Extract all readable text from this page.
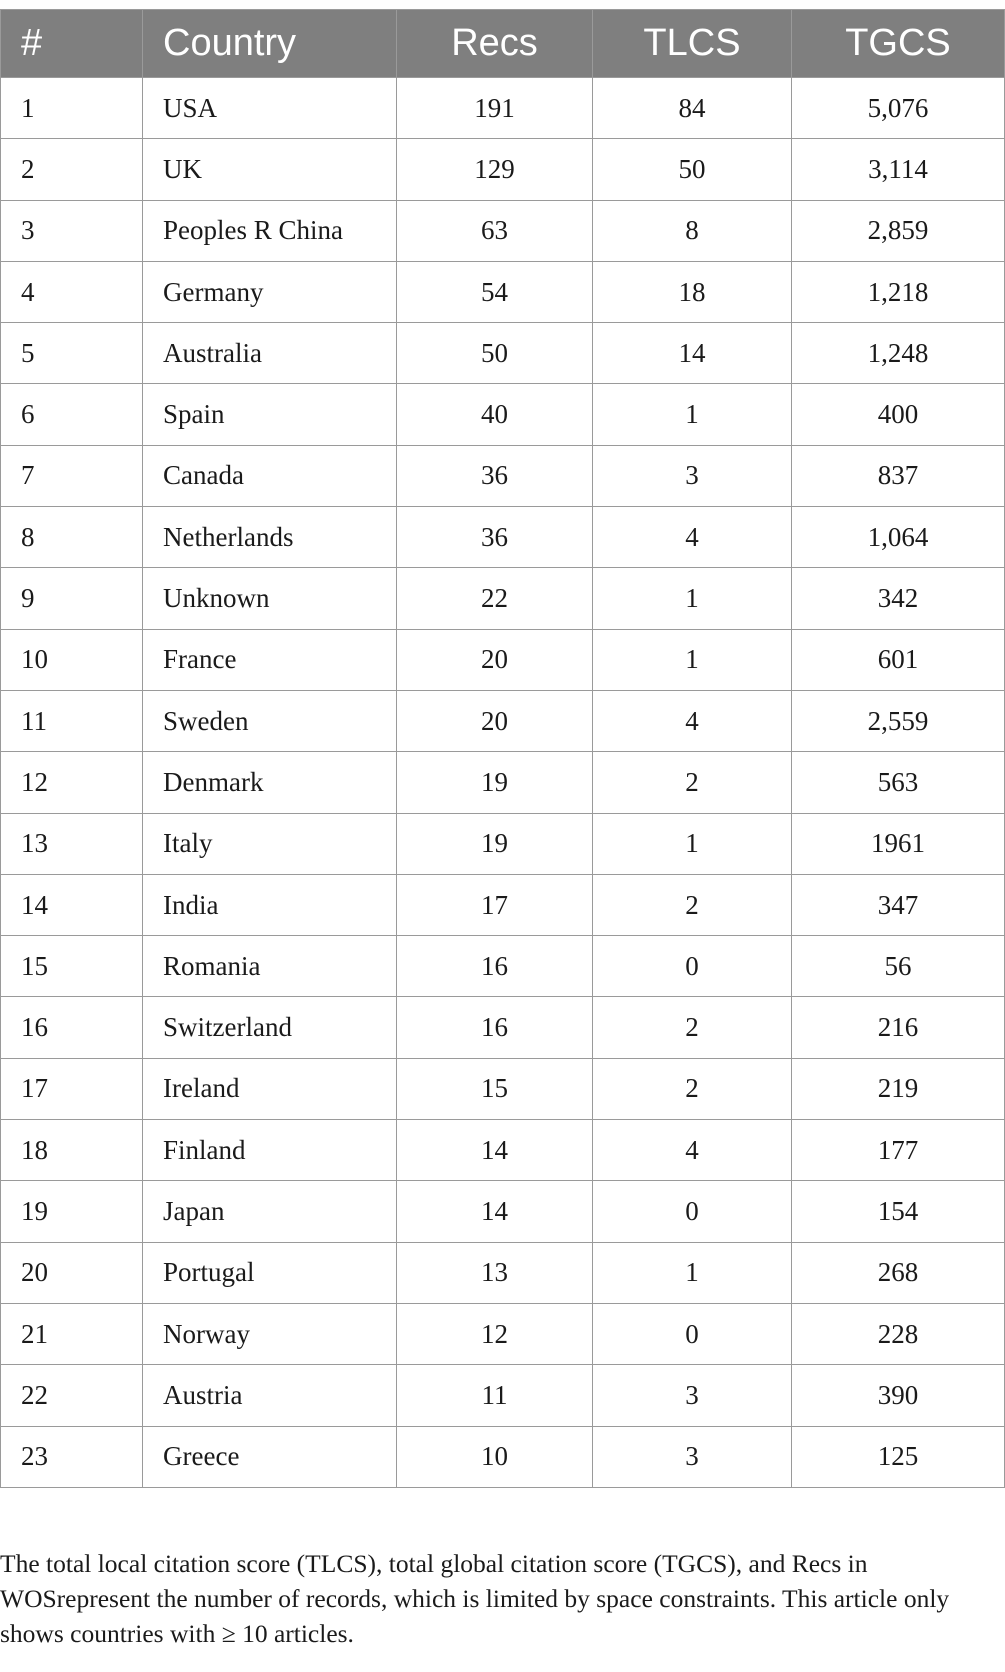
#	Country	Recs	TLCS	TGCS
1	USA	191	84	5,076
2	UK	129	50	3,114
3	Peoples R China	63	8	2,859
4	Germany	54	18	1,218
5	Australia	50	14	1,248
6	Spain	40	1	400
7	Canada	36	3	837
8	Netherlands	36	4	1,064
9	Unknown	22	1	342
10	France	20	1	601
11	Sweden	20	4	2,559
12	Denmark	19	2	563
13	Italy	19	1	1961
14	India	17	2	347
15	Romania	16	0	56
16	Switzerland	16	2	216
17	Ireland	15	2	219
18	Finland	14	4	177
19	Japan	14	0	154
20	Portugal	13	1	268
21	Norway	12	0	228
22	Austria	11	3	390
23	Greece	10	3	125

The total local citation score (TLCS), total global citation score (TGCS), and Recs in WOSrepresent the number of records, which is limited by space constraints. This article only shows countries with ≥ 10 articles.
